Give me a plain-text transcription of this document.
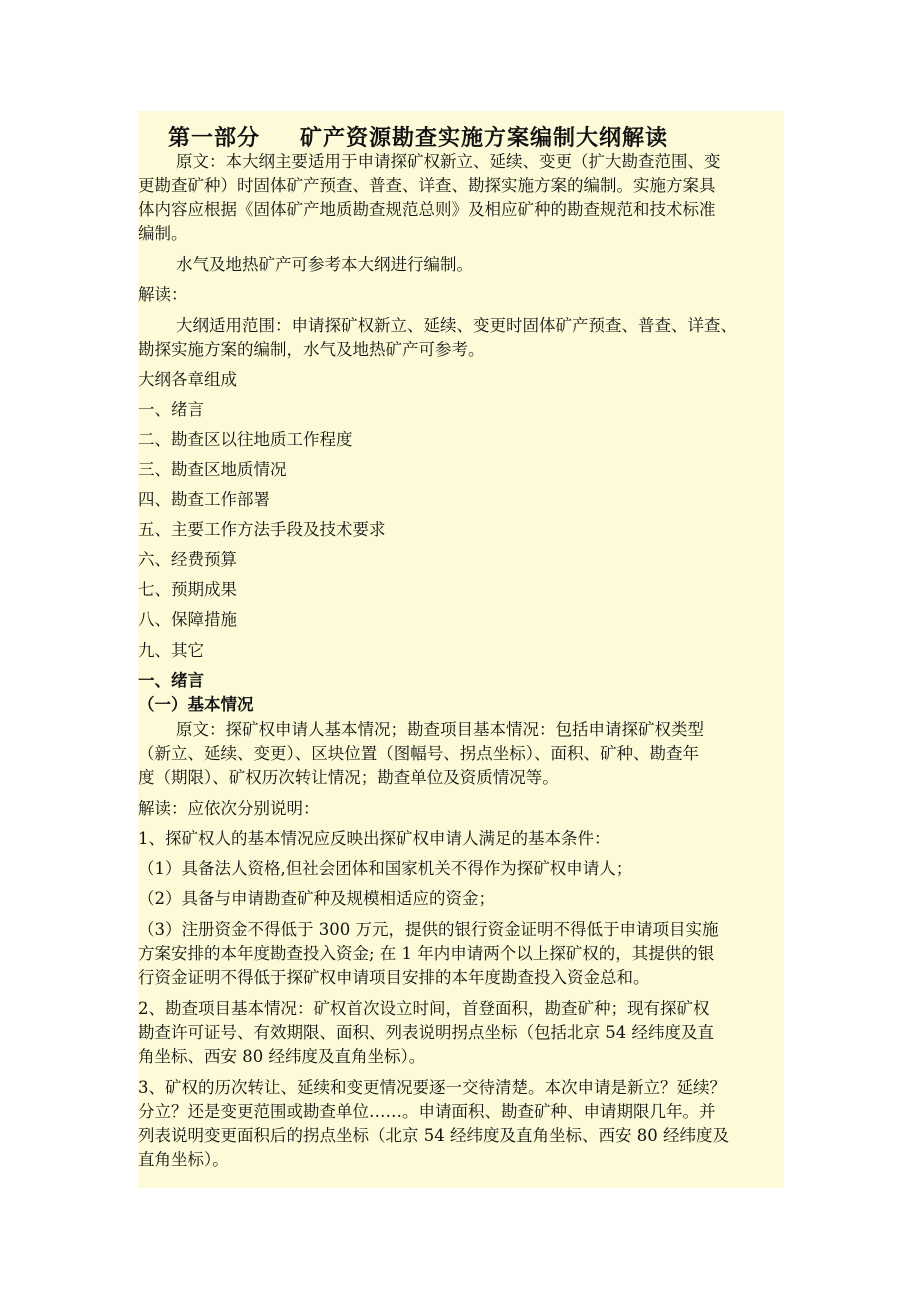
第一部分 矿产资源勘查实施方案编制大纲解读
原文：本大纲主要适用于申请探矿权新立、延续、变更（扩大勘查范围、变
更勘查矿种）时固体矿产预查、普查、详查、勘探实施方案的编制。实施方案具
体内容应根据《固体矿产地质勘查规范总则》及相应矿种的勘查规范和技术标准
编制。
水气及地热矿产可参考本大纲进行编制。
解读：
大纲适用范围：申请探矿权新立、延续、变更时固体矿产预查、普查、详查、
勘探实施方案的编制，水气及地热矿产可参考。
大纲各章组成
一、绪言
二、勘查区以往地质工作程度
三、勘查区地质情况
四、勘查工作部署
五、主要工作方法手段及技术要求
六、经费预算
七、预期成果
八、保障措施
九、其它
一、绪言
（一）基本情况
原文：探矿权申请人基本情况；勘查项目基本情况：包括申请探矿权类型
（新立、延续、变更）、区块位置（图幅号、拐点坐标）、面积、矿种、勘查年
度（期限）、矿权历次转让情况；勘查单位及资质情况等。
解读：应依次分别说明：
1、探矿权人的基本情况应反映出探矿权申请人满足的基本条件：
（1）具备法人资格,但社会团体和国家机关不得作为探矿权申请人；
（2）具备与申请勘查矿种及规模相适应的资金；
（3）注册资金不得低于 300 万元，提供的银行资金证明不得低于申请项目实施
方案安排的本年度勘查投入资金; 在 1 年内申请两个以上探矿权的，其提供的银
行资金证明不得低于探矿权申请项目安排的本年度勘查投入资金总和。
2、勘查项目基本情况：矿权首次设立时间，首登面积，勘查矿种；现有探矿权
勘查许可证号、有效期限、面积、列表说明拐点坐标（包括北京 54 经纬度及直
角坐标、西安 80 经纬度及直角坐标）。
3、矿权的历次转让、延续和变更情况要逐一交待清楚。本次申请是新立？延续？
分立？还是变更范围或勘查单位……。申请面积、勘查矿种、申请期限几年。并
列表说明变更面积后的拐点坐标（北京 54 经纬度及直角坐标、西安 80 经纬度及
直角坐标）。
